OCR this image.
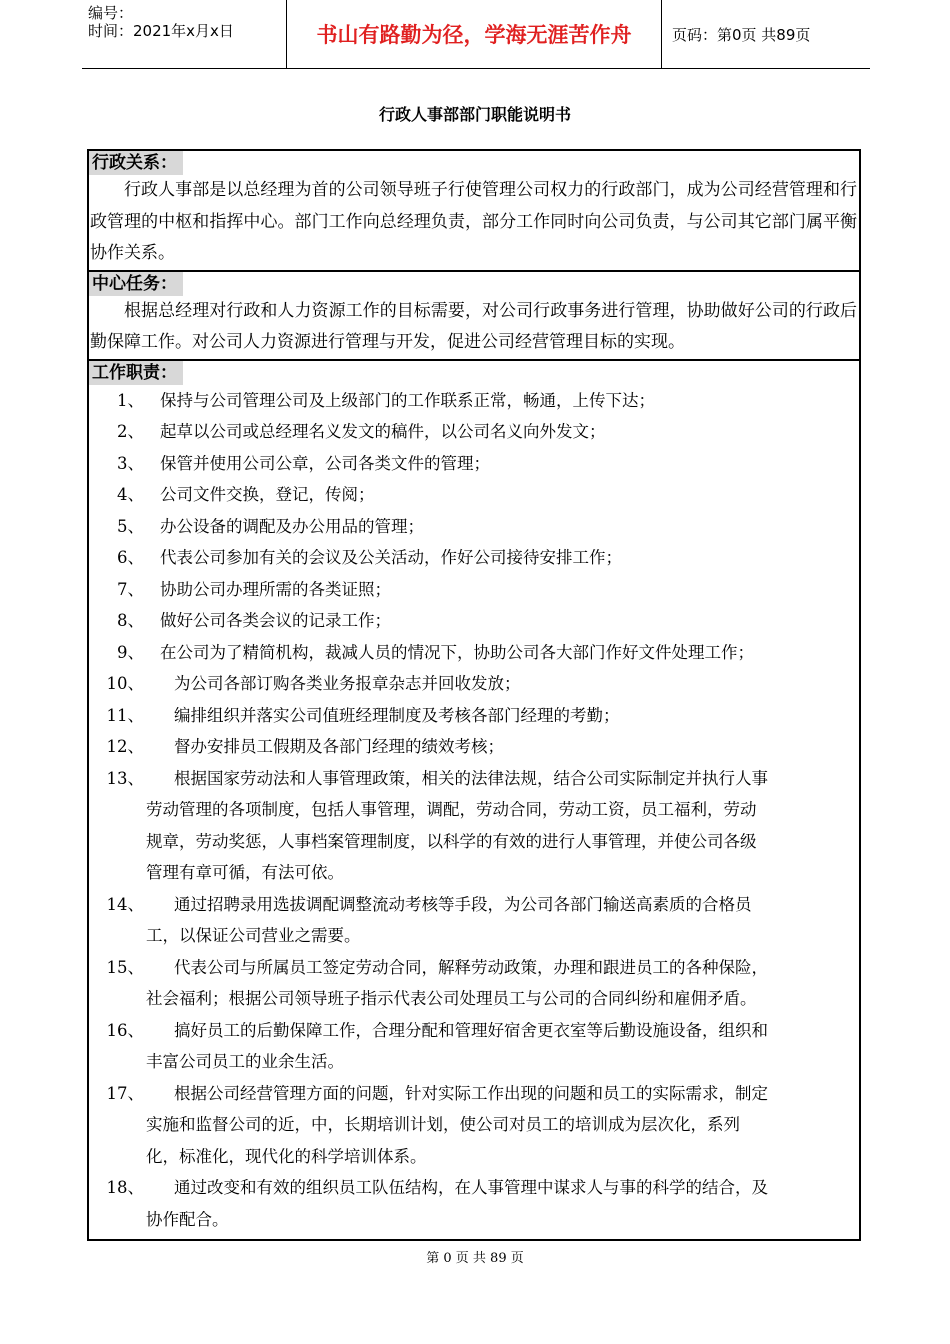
编号：
时间：2021年x月x日	书山有路勤为径，学海无涯苦作舟	页码：第0页 共89页
行政人事部部门职能说明书
行政关系：
行政人事部是以总经理为首的公司领导班子行使管理公司权力的行政部门，成为公司经营管理和行政管理的中枢和指挥中心。部门工作向总经理负责，部分工作同时向公司负责，与公司其它部门属平衡协作关系。
中心任务：
根据总经理对行政和人力资源工作的目标需要，对公司行政事务进行管理，协助做好公司的行政后勤保障工作。对公司人力资源进行管理与开发，促进公司经营管理目标的实现。
工作职责：
1、 保持与公司管理公司及上级部门的工作联系正常，畅通，上传下达；
2、 起草以公司或总经理名义发文的稿件，以公司名义向外发文；
3、 保管并使用公司公章，公司各类文件的管理；
4、 公司文件交换，登记，传阅；
5、 办公设备的调配及办公用品的管理；
6、 代表公司参加有关的会议及公关活动，作好公司接待安排工作；
7、 协助公司办理所需的各类证照；
8、 做好公司各类会议的记录工作；
9、 在公司为了精简机构，裁减人员的情况下，协助公司各大部门作好文件处理工作；
10、 为公司各部订购各类业务报章杂志并回收发放；
11、 编排组织并落实公司值班经理制度及考核各部门经理的考勤；
12、 督办安排员工假期及各部门经理的绩效考核；
13、 根据国家劳动法和人事管理政策，相关的法律法规，结合公司实际制定并执行人事
劳动管理的各项制度，包括人事管理，调配，劳动合同，劳动工资，员工福利，劳动
规章，劳动奖惩，人事档案管理制度，以科学的有效的进行人事管理，并使公司各级
管理有章可循，有法可依。
14、 通过招聘录用选拔调配调整流动考核等手段，为公司各部门输送高素质的合格员
工，以保证公司营业之需要。
15、 代表公司与所属员工签定劳动合同，解释劳动政策，办理和跟进员工的各种保险，
社会福利；根据公司领导班子指示代表公司处理员工与公司的合同纠纷和雇佣矛盾。
16、 搞好员工的后勤保障工作，合理分配和管理好宿舍更衣室等后勤设施设备，组织和
丰富公司员工的业余生活。
17、 根据公司经营管理方面的问题，针对实际工作出现的问题和员工的实际需求，制定
实施和监督公司的近，中，长期培训计划，使公司对员工的培训成为层次化，系列
化，标准化，现代化的科学培训体系。
18、 通过改变和有效的组织员工队伍结构，在人事管理中谋求人与事的科学的结合，及
协作配合。
第 0 页 共 89 页
